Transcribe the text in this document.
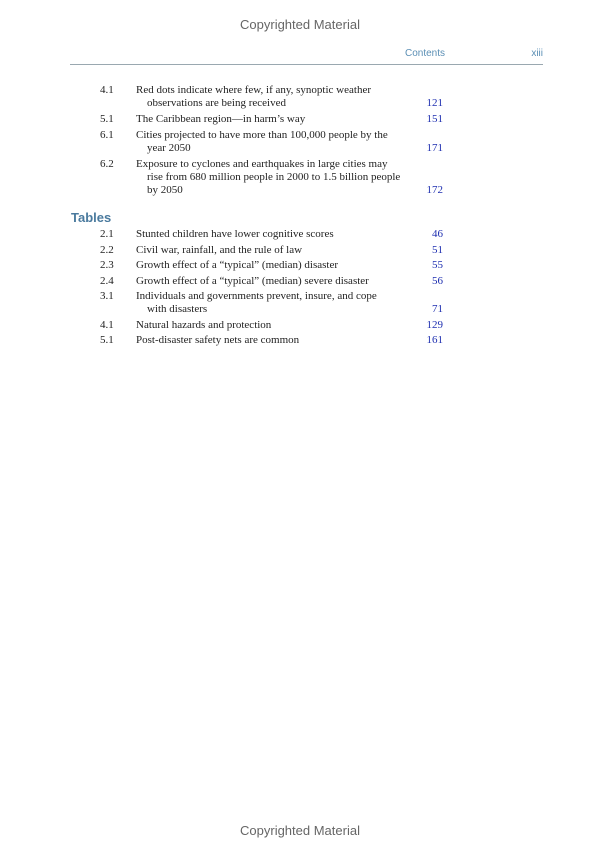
Copyrighted Material
Contents	xiii
4.1	Red dots indicate where few, if any, synoptic weather
observations are being received	121
5.1	The Caribbean region—in harm’s way	151
6.1	Cities projected to have more than 100,000 people by the
year 2050	171
6.2	Exposure to cyclones and earthquakes in large cities may
rise from 680 million people in 2000 to 1.5 billion people
by 2050	172
Tables
2.1	Stunted children have lower cognitive scores	46
2.2	Civil war, rainfall, and the rule of law	51
2.3	Growth effect of a “typical” (median) disaster	55
2.4	Growth effect of a “typical” (median) severe disaster	56
3.1	Individuals and governments prevent, insure, and cope
with disasters	71
4.1	Natural hazards and protection	129
5.1	Post-disaster safety nets are common	161
Copyrighted Material
